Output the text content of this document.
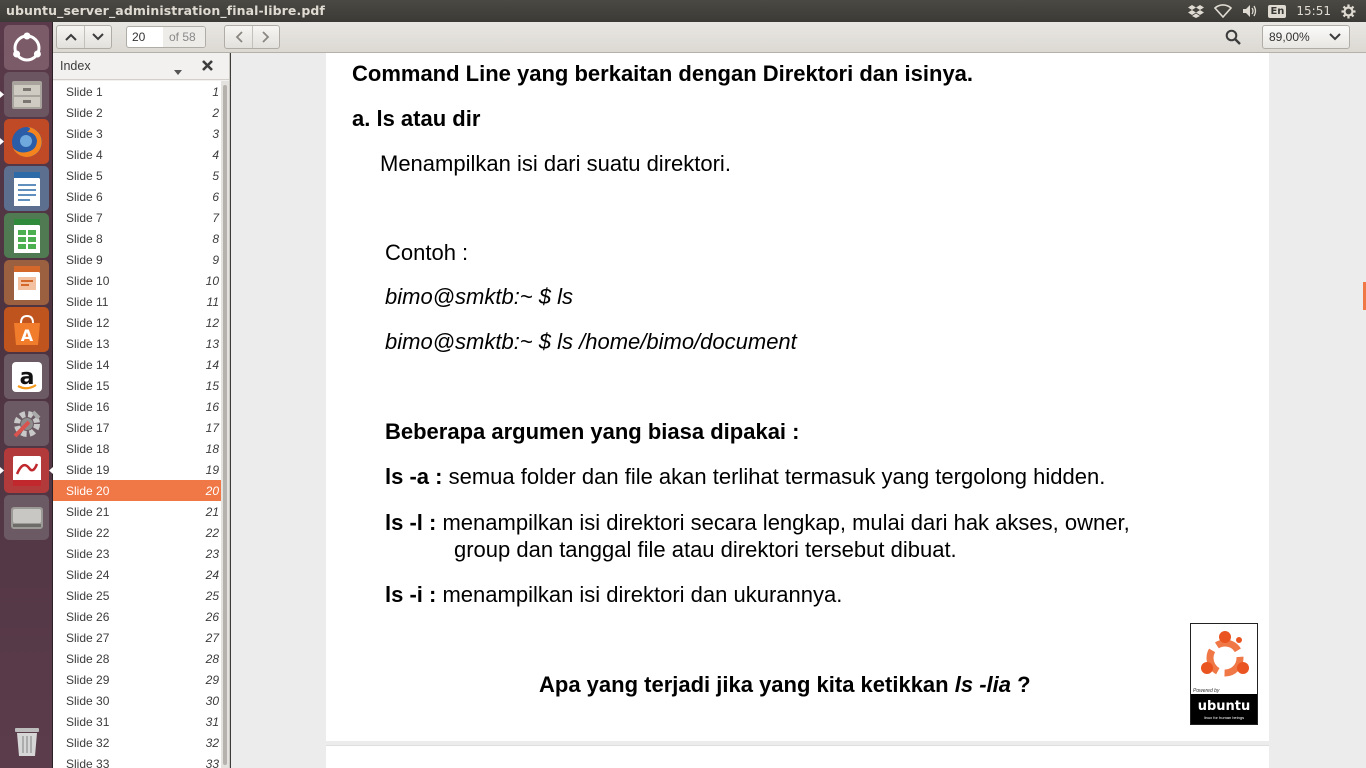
ubuntu_server_administration_final-libre.pdf	En 15:51
A
a
20	of 58	89,00%
Index
Slide 1	1
Slide 2	2
Slide 3	3
Slide 4	4
Slide 5	5
Slide 6	6
Slide 7	7
Slide 8	8
Slide 9	9
Slide 10	10
Slide 11	11
Slide 12	12
Slide 13	13
Slide 14	14
Slide 15	15
Slide 16	16
Slide 17	17
Slide 18	18
Slide 19	19
Slide 20	20
Slide 21	21
Slide 22	22
Slide 23	23
Slide 24	24
Slide 25	25
Slide 26	26
Slide 27	27
Slide 28	28
Slide 29	29
Slide 30	30
Slide 31	31
Slide 32	32
Slide 33	33
Command Line yang berkaitan dengan Direktori dan isinya.
a. ls atau dir
Menampilkan isi dari suatu direktori.
Contoh :
bimo@smktb:~ $ ls
bimo@smktb:~ $ ls /home/bimo/document
Beberapa argumen yang biasa dipakai :
ls -a : semua folder dan file akan terlihat termasuk yang tergolong hidden.
ls -l : menampilkan isi direktori secara lengkap, mulai dari hak akses, owner,
group dan tanggal file atau direktori tersebut dibuat.
ls -i : menampilkan isi direktori dan ukurannya.
Apa yang terjadi jika yang kita ketikkan ls -lia ?	Powered by
ubuntu
linux for human beings
